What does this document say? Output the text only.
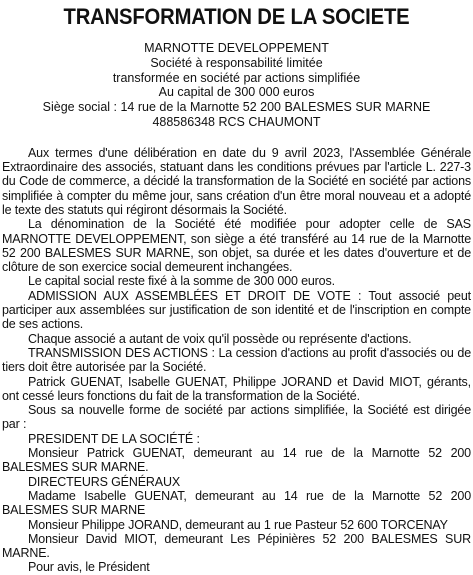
TRANSFORMATION DE LA SOCIETE
MARNOTTE DEVELOPPEMENT
Société à responsabilité limitée
transformée en société par actions simplifiée
Au capital de 300 000 euros
Siège social : 14 rue de la Marnotte 52 200 BALESMES SUR MARNE
488586348 RCS CHAUMONT

Aux termes d'une délibération en date du 9 avril 2023, l'Assemblée Générale Extraordinaire des associés, statuant dans les conditions prévues par l'article L. 227-3 du Code de commerce, a décidé la transformation de la Société en société par actions simplifiée à compter du même jour, sans création d'un être moral nouveau et a adopté le texte des statuts qui régiront désormais la Société.

La dénomination de la Société été modifiée pour adopter celle de SAS MARNOTTE DEVELOPPEMENT, son siège a été transféré au 14 rue de la Marnotte 52 200 BALESMES SUR MARNE, son objet, sa durée et les dates d'ouverture et de clôture de son exercice social demeurent inchangées.

Le capital social reste fixé à la somme de 300 000 euros.

ADMISSION AUX ASSEMBLÉES ET DROIT DE VOTE : Tout associé peut participer aux assemblées sur justification de son identité et de l'inscription en compte de ses actions.

Chaque associé a autant de voix qu'il possède ou représente d'actions.

TRANSMISSION DES ACTIONS : La cession d'actions au profit d'associés ou de tiers doit être autorisée par la Société.

Patrick GUENAT, Isabelle GUENAT, Philippe JORAND et David MIOT, gérants, ont cessé leurs fonctions du fait de la transformation de la Société.

Sous sa nouvelle forme de société par actions simplifiée, la Société est dirigée par :

PRESIDENT DE LA SOCIÉTÉ :

Monsieur Patrick GUENAT, demeurant au 14 rue de la Marnotte 52 200 BALESMES SUR MARNE.

DIRECTEURS GÉNÉRAUX

Madame Isabelle GUENAT, demeurant au 14 rue de la Marnotte 52 200 BALESMES SUR MARNE

Monsieur Philippe JORAND, demeurant au 1 rue Pasteur 52 600 TORCENAY

Monsieur David MIOT, demeurant Les Pépinières 52 200 BALESMES SUR MARNE.

Pour avis, le Président
